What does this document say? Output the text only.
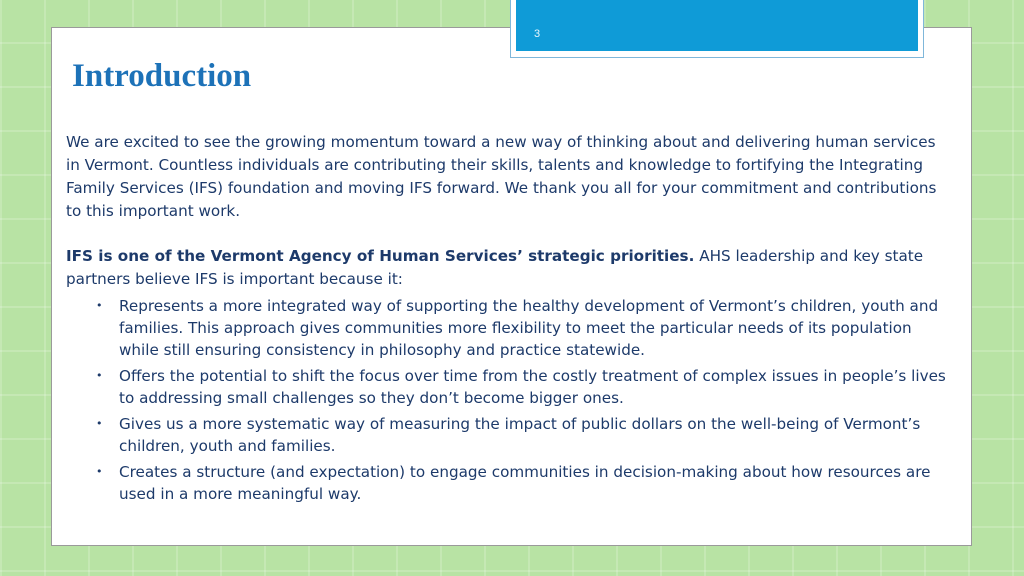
3
Introduction

We are excited to see the growing momentum toward a new way of thinking about and delivering human services in Vermont. Countless individuals are contributing their skills, talents and knowledge to fortifying the Integrating Family Services (IFS) foundation and moving IFS forward. We thank you all for your commitment and contributions to this important work.

IFS is one of the Vermont Agency of Human Services’ strategic priorities. AHS leadership and key state partners believe IFS is important because it:

• Represents a more integrated way of supporting the healthy development of Vermont’s children, youth and families. This approach gives communities more flexibility to meet the particular needs of its population while still ensuring consistency in philosophy and practice statewide.
• Offers the potential to shift the focus over time from the costly treatment of complex issues in people’s lives to addressing small challenges so they don’t become bigger ones.
• Gives us a more systematic way of measuring the impact of public dollars on the well-being of Vermont’s children, youth and families.
• Creates a structure (and expectation) to engage communities in decision-making about how resources are used in a more meaningful way.
